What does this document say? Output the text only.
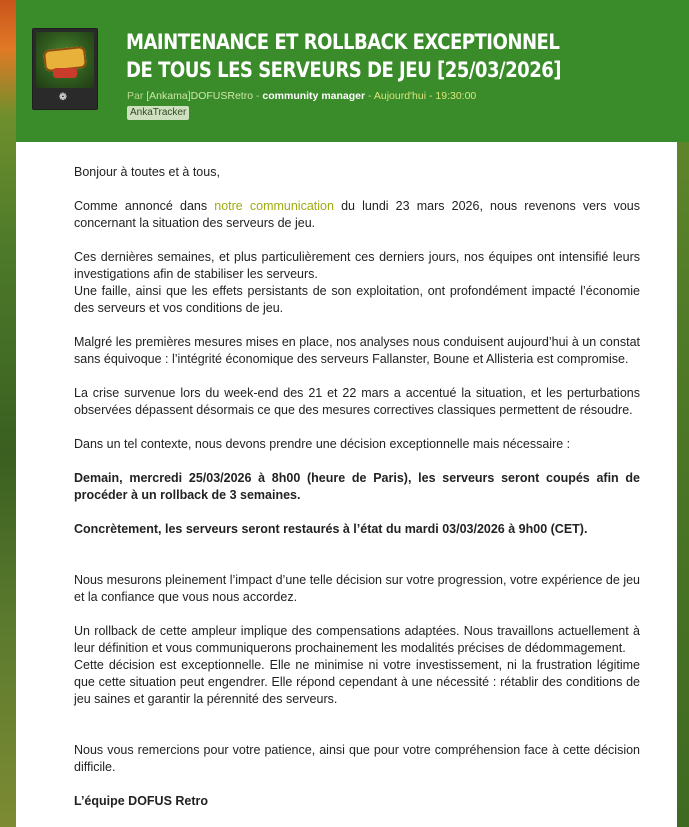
❁
MAINTENANCE ET ROLLBACK EXCEPTIONNEL DE TOUS LES SERVEURS DE JEU [25/03/2026]
Par [Ankama]DOFUSRetro - community manager - Aujourd'hui - 19:30:00
AnkaTracker

Bonjour à toutes et à tous,

Comme annoncé dans notre communication du lundi 23 mars 2026, nous revenons vers vous concernant la situation des serveurs de jeu.

Ces dernières semaines, et plus particulièrement ces derniers jours, nos équipes ont intensifié leurs investigations afin de stabiliser les serveurs.
Une faille, ainsi que les effets persistants de son exploitation, ont profondément impacté l’économie des serveurs et vos conditions de jeu.

Malgré les premières mesures mises en place, nos analyses nous conduisent aujourd’hui à un constat sans équivoque : l’intégrité économique des serveurs Fallanster, Boune et Allisteria est compromise.

La crise survenue lors du week-end des 21 et 22 mars a accentué la situation, et les perturbations observées dépassent désormais ce que des mesures correctives classiques permettent de résoudre.

Dans un tel contexte, nous devons prendre une décision exceptionnelle mais nécessaire :

Demain, mercredi 25/03/2026 à 8h00 (heure de Paris), les serveurs seront coupés afin de procéder à un rollback de 3 semaines.

Concrètement, les serveurs seront restaurés à l’état du mardi 03/03/2026 à 9h00 (CET).

Nous mesurons pleinement l’impact d’une telle décision sur votre progression, votre expérience de jeu et la confiance que vous nous accordez.

Un rollback de cette ampleur implique des compensations adaptées. Nous travaillons actuellement à leur définition et vous communiquerons prochainement les modalités précises de dédommagement.
Cette décision est exceptionnelle. Elle ne minimise ni votre investissement, ni la frustration légitime que cette situation peut engendrer. Elle répond cependant à une nécessité : rétablir des conditions de jeu saines et garantir la pérennité des serveurs.

Nous vous remercions pour votre patience, ainsi que pour votre compréhension face à cette décision difficile.

L’équipe DOFUS Retro
